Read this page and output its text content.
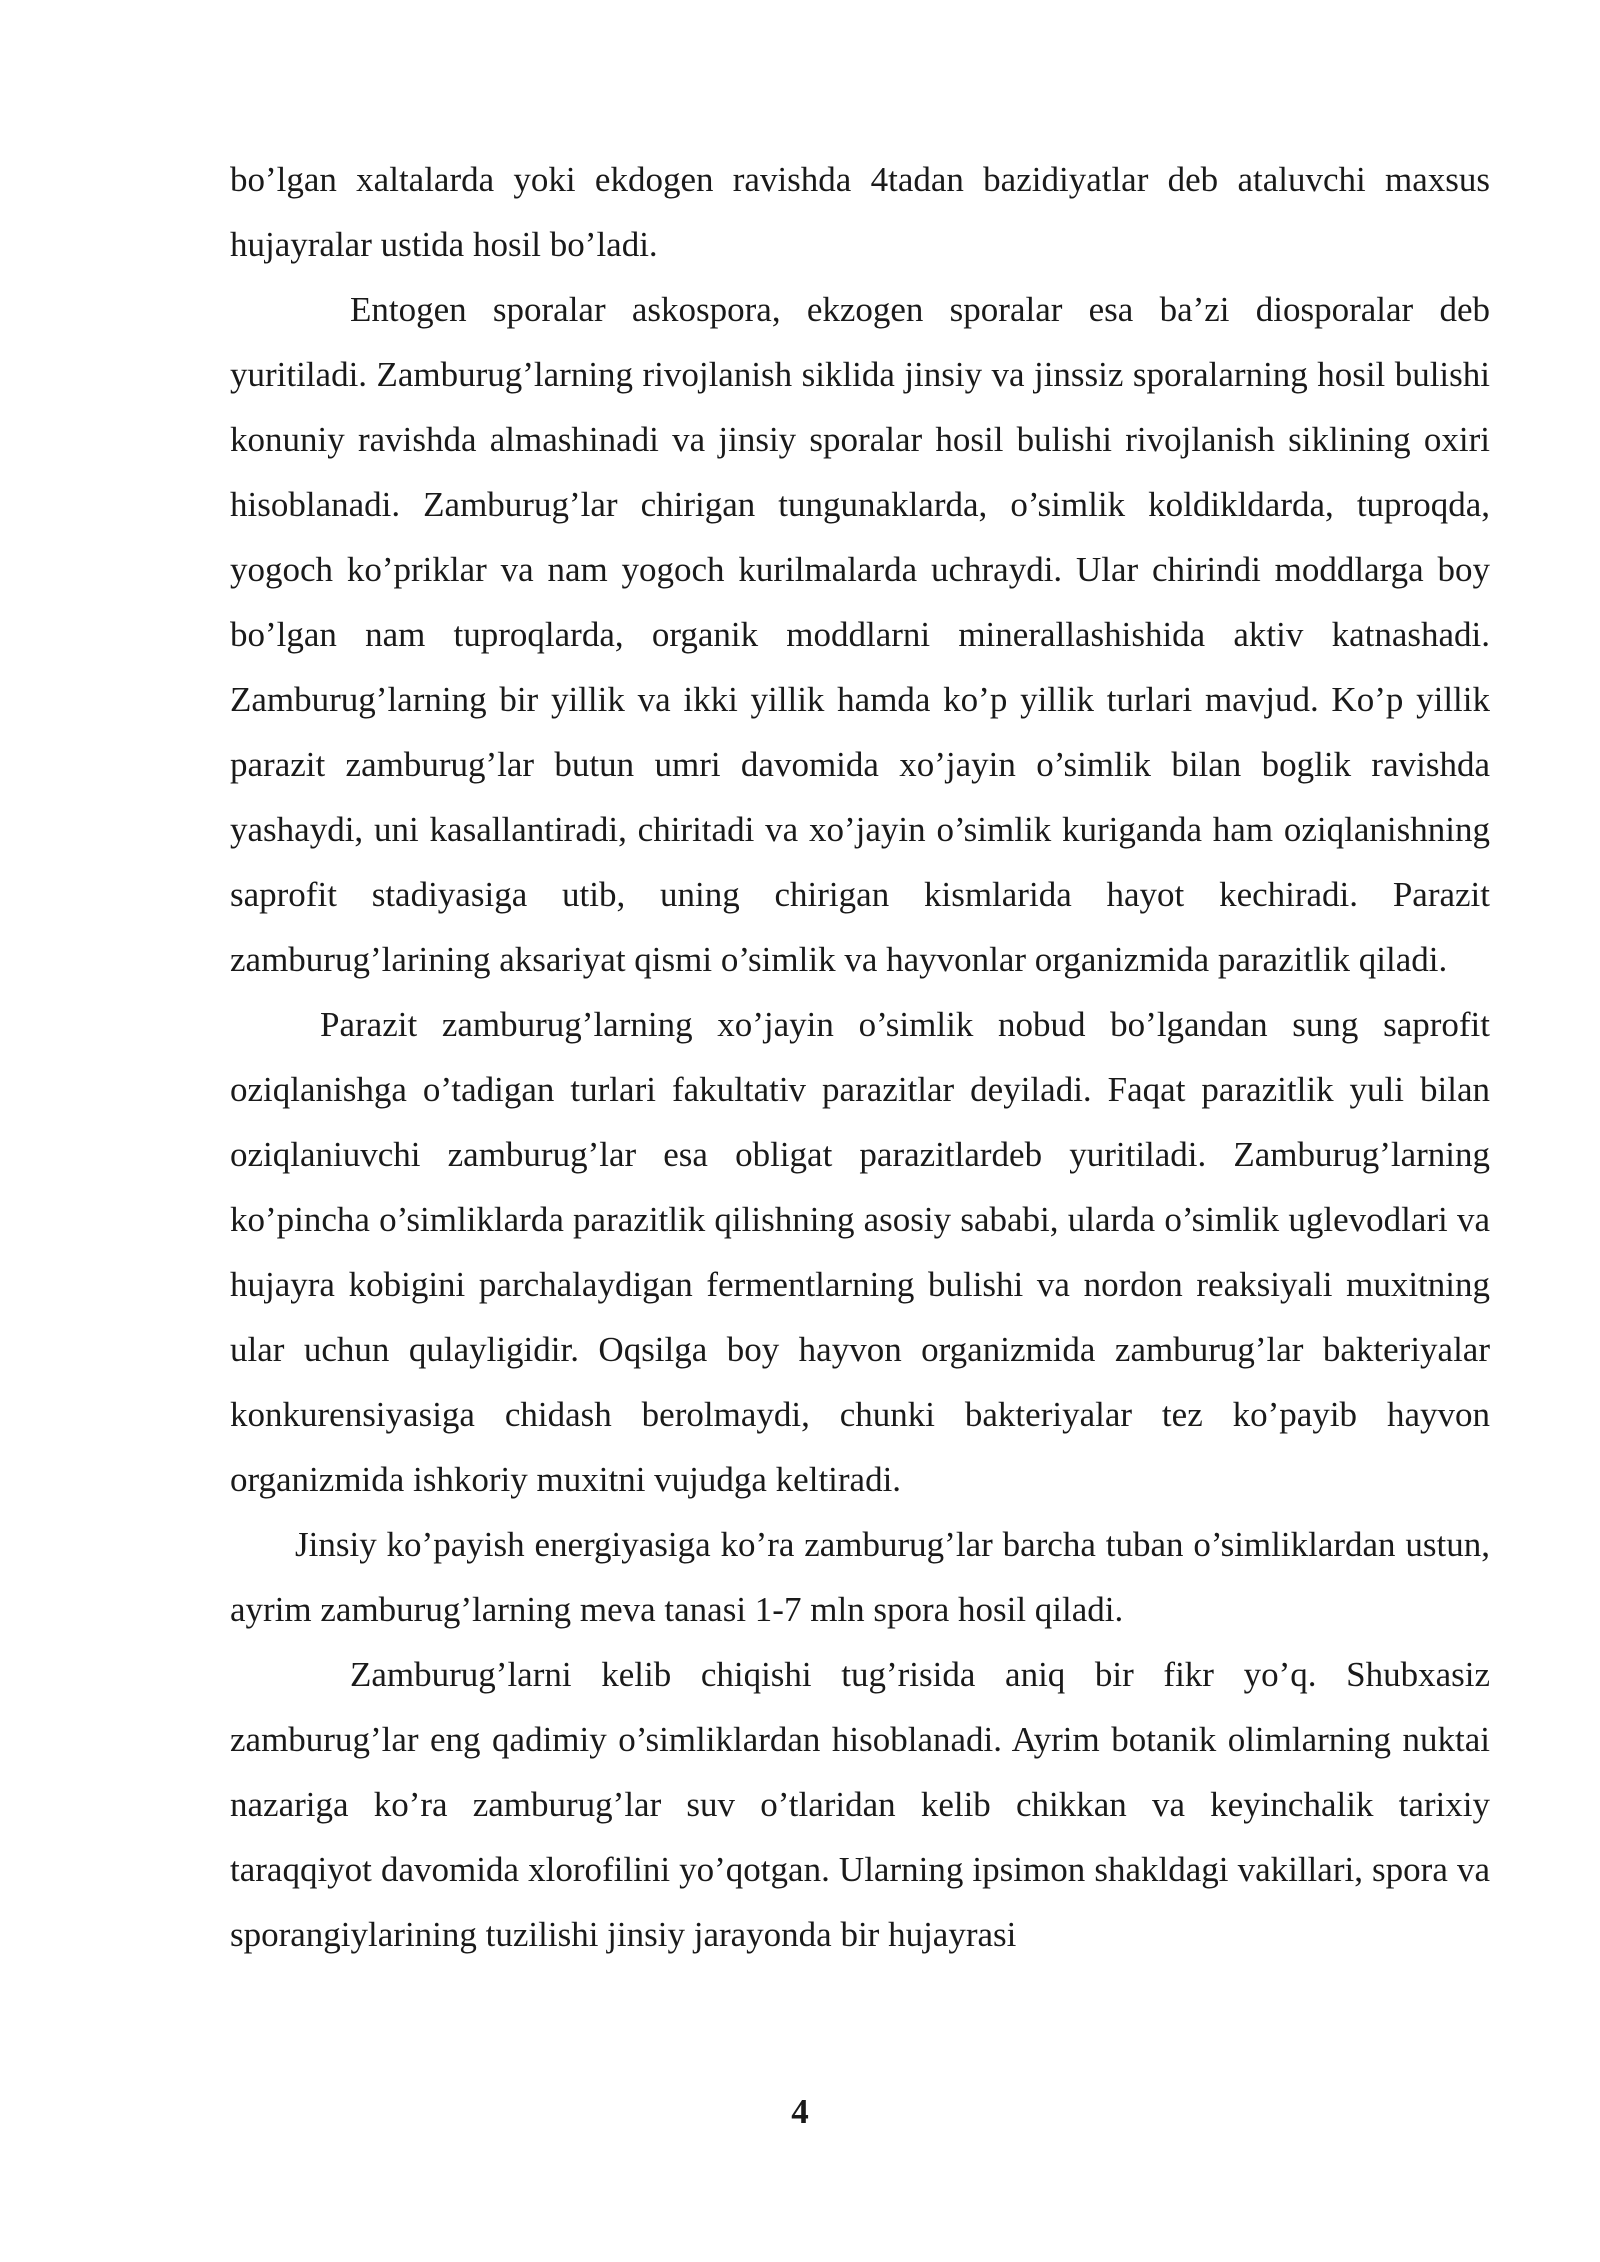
bo’lgan xaltalarda yoki ekdogen ravishda 4tadan bazidiyatlar deb ataluvchi maxsus hujayralar ustida hosil bo’ladi.

Entogen sporalar askospora, ekzogen sporalar esa ba’zi diosporalar deb yuritiladi. Zamburug’larning rivojlanish siklida jinsiy va jinssiz sporalarning hosil bulishi konuniy ravishda almashinadi va jinsiy sporalar hosil bulishi rivojlanish siklining oxiri hisoblanadi. Zamburug’lar chirigan tungunaklarda, o’simlik koldikldarda, tuproqda, yogoch ko’priklar va nam yogoch kurilmalarda uchraydi. Ular chirindi moddlarga boy bo’lgan nam tuproqlarda, organik moddlarni minerallashishida aktiv katnashadi. Zamburug’larning bir yillik va ikki yillik hamda ko’p yillik turlari mavjud. Ko’p yillik parazit zamburug’lar butun umri davomida xo’jayin o’simlik bilan boglik ravishda yashaydi, uni kasallantiradi, chiritadi va xo’jayin o’simlik kuriganda ham oziqlanishning saprofit stadiyasiga utib, uning chirigan kismlarida hayot kechiradi. Parazit zamburug’larining aksariyat qismi o’simlik va hayvonlar organizmida parazitlik qiladi.

Parazit zamburug’larning xo’jayin o’simlik nobud bo’lgandan sung saprofit oziqlanishga o’tadigan turlari fakultativ parazitlar deyiladi. Faqat parazitlik yuli bilan oziqlaniuvchi zamburug’lar esa obligat parazitlardeb yuritiladi. Zamburug’larning ko’pincha o’simliklarda parazitlik qilishning asosiy sababi, ularda o’simlik uglevodlari va hujayra kobigini parchalaydigan fermentlarning bulishi va nordon reaksiyali muxitning ular uchun qulayligidir. Oqsilga boy hayvon organizmida zamburug’lar bakteriyalar konkurensiyasiga chidash berolmaydi, chunki bakteriyalar tez ko’payib hayvon organizmida ishkoriy muxitni vujudga keltiradi.

Jinsiy ko’payish energiyasiga ko’ra zamburug’lar barcha tuban o’simliklardan ustun, ayrim zamburug’larning meva tanasi 1-7 mln spora hosil qiladi.

Zamburug’larni kelib chiqishi tug’risida aniq bir fikr yo’q. Shubxasiz zamburug’lar eng qadimiy o’simliklardan hisoblanadi. Ayrim botanik olimlarning nuktai nazariga ko’ra zamburug’lar suv o’tlaridan kelib chikkan va keyinchalik tarixiy taraqqiyot davomida xlorofilini yo’qotgan. Ularning ipsimon shakldagi vakillari, spora va sporangiylarining tuzilishi jinsiy jarayonda bir hujayrasi

4
